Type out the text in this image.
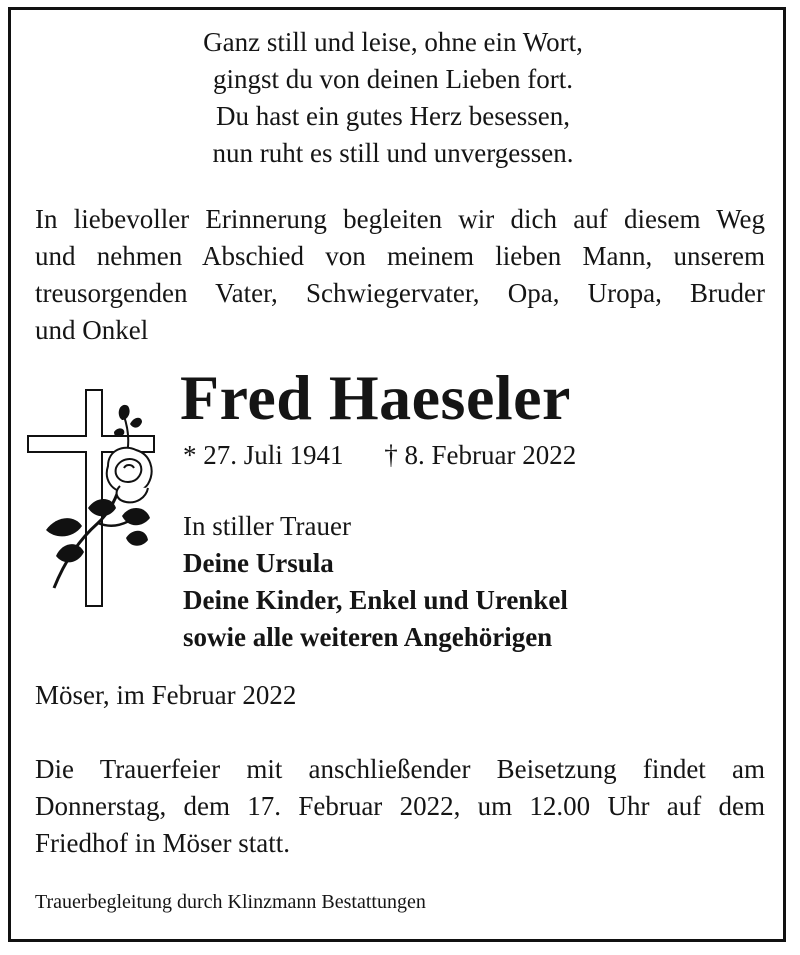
Ganz still und leise, ohne ein Wort,
gingst du von deinen Lieben fort.
Du hast ein gutes Herz besessen,
nun ruht es still und unvergessen.
In liebevoller Erinnerung begleiten wir dich auf diesem Weg
und nehmen Abschied von meinem lieben Mann, unserem
treusorgenden Vater, Schwiegervater, Opa, Uropa, Bruder
und Onkel
Fred Haeseler
* 27. Juli 1941 † 8. Februar 2022
In stiller Trauer
Deine Ursula
Deine Kinder, Enkel und Urenkel
sowie alle weiteren Angehörigen
Möser, im Februar 2022
Die Trauerfeier mit anschließender Beisetzung findet am
Donnerstag, dem 17. Februar 2022, um 12.00 Uhr auf dem
Friedhof in Möser statt.
Trauerbegleitung durch Klinzmann Bestattungen
